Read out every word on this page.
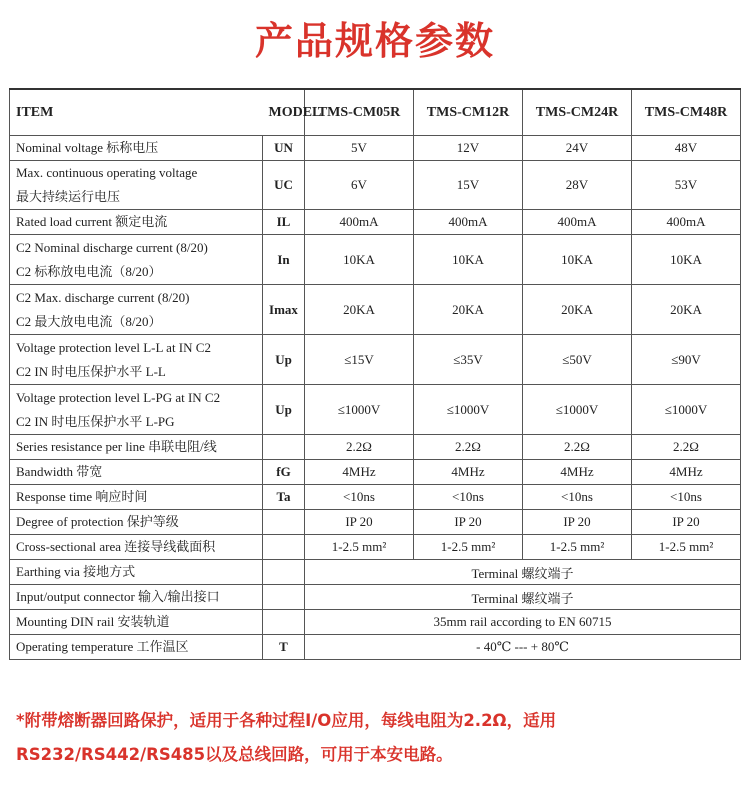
产品规格参数
ITEM	MODEL	TMS-CM05R	TMS-CM12R	TMS-CM24R	TMS-CM48R
Nominal voltage 标称电压	UN	5V	12V	24V	48V
Max. continuous operating voltage
最大持续运行电压	UC	6V	15V	28V	53V
Rated load current 额定电流	IL	400mA	400mA	400mA	400mA
C2 Nominal discharge current (8/20)
C2 标称放电电流（8/20）	In	10KA	10KA	10KA	10KA
C2 Max. discharge current (8/20)
C2 最大放电电流（8/20）	Imax	20KA	20KA	20KA	20KA
Voltage protection level L-L at IN C2
C2 IN 时电压保护水平 L-L	Up	≤15V	≤35V	≤50V	≤90V
Voltage protection level L-PG at IN C2
C2 IN 时电压保护水平 L-PG	Up	≤1000V	≤1000V	≤1000V	≤1000V
Series resistance per line 串联电阻/线		2.2Ω	2.2Ω	2.2Ω	2.2Ω
Bandwidth 带宽	fG	4MHz	4MHz	4MHz	4MHz
Response time 响应时间	Ta	<10ns	<10ns	<10ns	<10ns
Degree of protection 保护等级		IP 20	IP 20	IP 20	IP 20
Cross-sectional area 连接导线截面积		1-2.5 mm²	1-2.5 mm²	1-2.5 mm²	1-2.5 mm²
Earthing via 接地方式		Terminal 螺纹端子			
Input/output connector 输入/输出接口		Terminal 螺纹端子			
Mounting DIN rail 安装轨道		35mm rail according to EN 60715			
Operating temperature 工作温区	T	- 40℃ --- + 80℃			
*附带熔断器回路保护，适用于各种过程I/O应用，每线电阻为2.2Ω，适用RS232/RS442/RS485以及总线回路，可用于本安电路。
